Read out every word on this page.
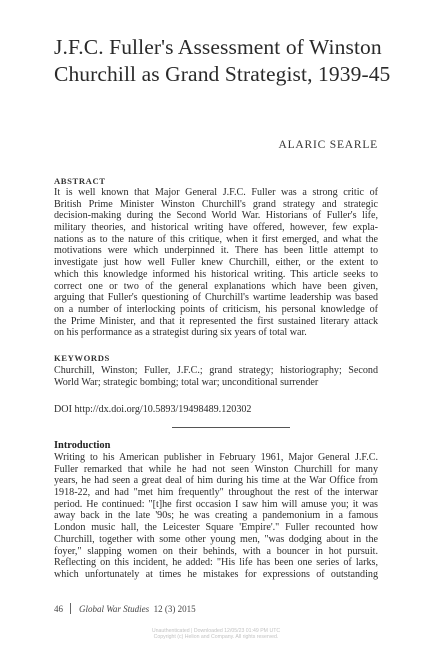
J.F.C. Fuller's Assessment of Winston
Churchill as Grand Strategist, 1939-45
ALARIC SEARLE
ABSTRACT
It is well known that Major General J.F.C. Fuller was a strong critic of
British Prime Minister Winston Churchill's grand strategy and strategic
decision-making during the Second World War. Historians of Fuller's life,
military theories, and historical writing have offered, however, few expla-
nations as to the nature of this critique, when it first emerged, and what the
motivations were which underpinned it. There has been little attempt to
investigate just how well Fuller knew Churchill, either, or the extent to
which this knowledge informed his historical writing. This article seeks to
correct one or two of the general explanations which have been given,
arguing that Fuller's questioning of Churchill's wartime leadership was based
on a number of interlocking points of criticism, his personal knowledge of
the Prime Minister, and that it represented the first sustained literary attack
on his performance as a strategist during six years of total war.
KEYWORDS
Churchill, Winston; Fuller, J.F.C.; grand strategy; historiography; Second
World War; strategic bombing; total war; unconditional surrender
DOI http://dx.doi.org/10.5893/19498489.120302
Introduction
Writing to his American publisher in February 1961, Major General J.F.C.
Fuller remarked that while he had not seen Winston Churchill for many
years, he had seen a great deal of him during his time at the War Office from
1918-22, and had "met him frequently" throughout the rest of the interwar
period. He continued: "[t]he first occasion I saw him will amuse you; it was
away back in the late '90s; he was creating a pandemonium in a famous
London music hall, the Leicester Square 'Empire'." Fuller recounted how
Churchill, together with some other young men, "was dodging about in the
foyer," slapping women on their behinds, with a bouncer in hot pursuit.
Reflecting on this incident, he added: "His life has been one series of larks,
which unfortunately at times he mistakes for expressions of outstanding
46 Global War Studies 12 (3) 2015
Unauthenticated | Downloaded 12/05/23 01:49 PM UTC
Copyright (c) Helion and Company. All rights reserved.
